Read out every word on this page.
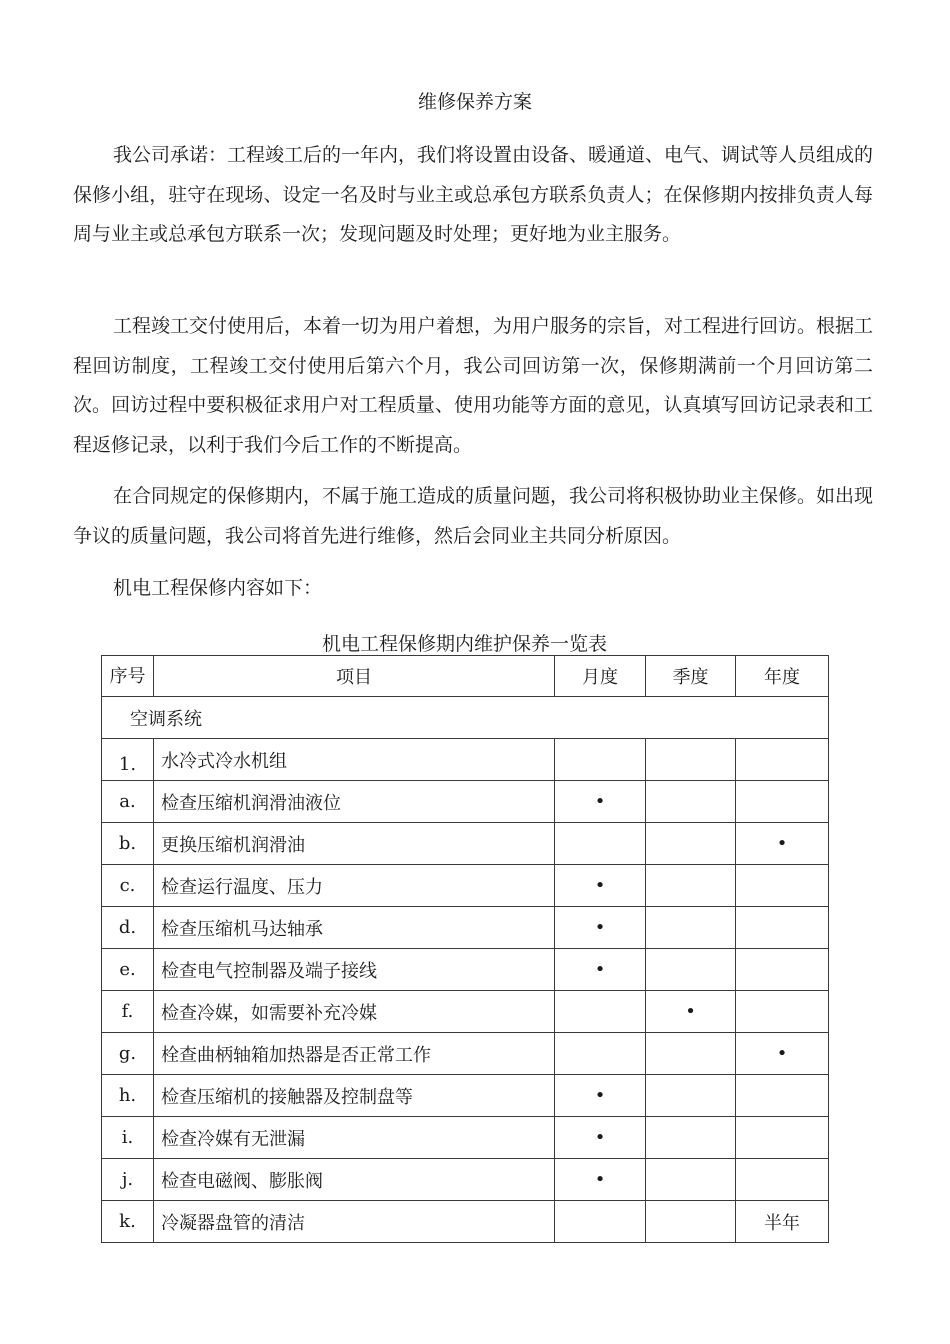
维修保养方案

我公司承诺：工程竣工后的一年内，我们将设置由设备、暖通道、电气、调试等人员组成的保修小组，驻守在现场、设定一名及时与业主或总承包方联系负责人；在保修期内按排负责人每周与业主或总承包方联系一次；发现问题及时处理；更好地为业主服务。

工程竣工交付使用后，本着一切为用户着想，为用户服务的宗旨，对工程进行回访。根据工程回访制度，工程竣工交付使用后第六个月，我公司回访第一次，保修期满前一个月回访第二次。回访过程中要积极征求用户对工程质量、使用功能等方面的意见，认真填写回访记录表和工程返修记录，以利于我们今后工作的不断提高。

在合同规定的保修期内，不属于施工造成的质量问题，我公司将积极协助业主保修。如出现争议的质量问题，我公司将首先进行维修，然后会同业主共同分析原因。

机电工程保修内容如下：

机电工程保修期内维护保养一览表
序号	项目	月度	季度	年度
空调系统				
1.	水冷式冷水机组			
a.	检查压缩机润滑油液位	•		
b.	更换压缩机润滑油			•
c.	检查运行温度、压力	•		
d.	检查压缩机马达轴承	•		
e.	检查电气控制器及端子接线	•		
f.	检查冷媒，如需要补充冷媒		•	
g.	栓查曲柄轴箱加热器是否正常工作			•
h.	检查压缩机的接触器及控制盘等	•		
i.	检查冷媒有无泄漏	•		
j.	检查电磁阀、膨胀阀	•		
k.	冷凝器盘管的清洁			半年
